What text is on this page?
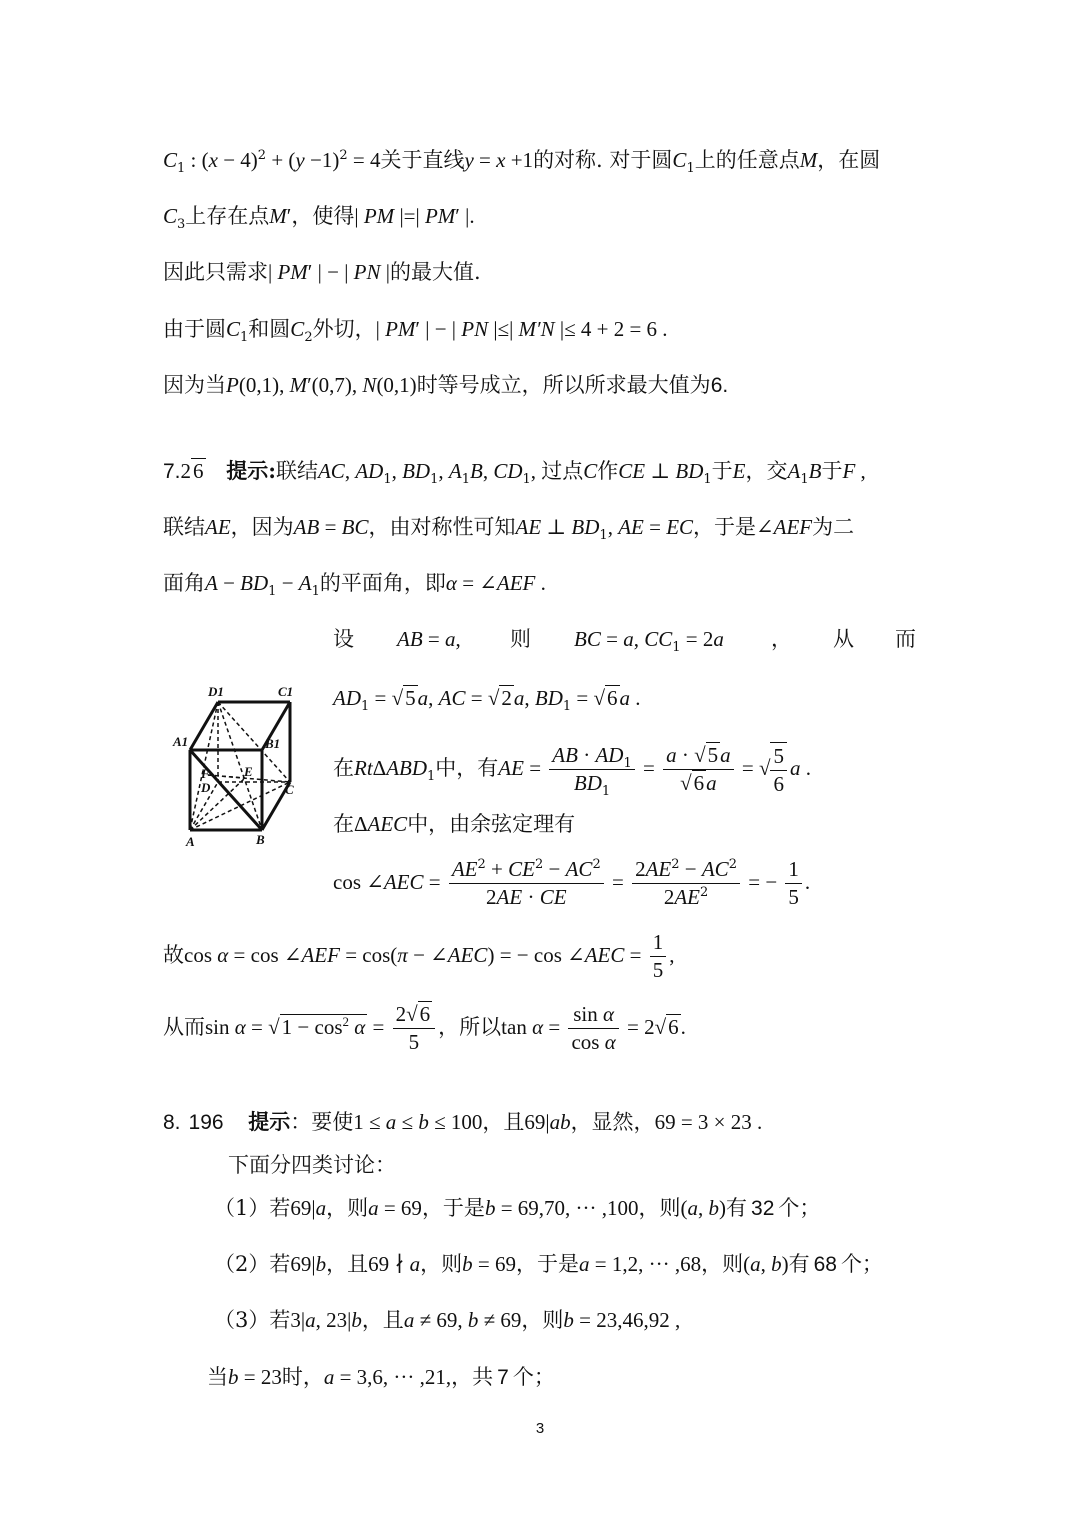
$C_1$ : $(x - 4)^2 + (y -1)^2 = 4$关于直线y = x +1的对称. 对于圆$C_1$上的任意点M，在圆
$C_3$上存在点M′，使得| PM |=| PM′ |.
因此只需求| PM′ | − | PN |的最大值.
由于圆$C_1$和圆$C_2$外切，| PM′ | − | PN |≤| M′N |≤ 4 + 2 = 6 .
因为当P(0,1), M′(0,7), N(0,1)时等号成立，所以所求最大值为6.
7.26 提示:联结AC, $AD_1$, $BD_1$, $A_1B$, $CD_1$, 过点C作CE ⊥ $BD_1$于E，交$A_1B$于F ,
联结AE，因为AB = BC，由对称性可知AE ⊥ $BD_1$, AE = EC，于是∠AEF为二
面角$A - BD_1 - A_1$的平面角，即α = ∠AEF .
设 AB = a, 则 BC = a, $CC_1 = 2a$ ， 从 而
$AD_1 = √5a$, AC = √2a, $BD_1 = √6a$ .
在RtΔABD$_1$中，有AE = $\frac{AB \cdot AD_1}{BD_1} = \frac{a \cdot √5a}{√6a}$ = √ $\frac{5}{6}$ a .
在ΔAEC中，由余弦定理有
cos ∠AEC = $\frac{AE^2 + CE^2 - AC^2}{2AE \cdot CE} = \frac{2AE^2 - AC^2}{2AE^2}$ = − $\frac{1}{5}$ .
D1	C1
A1	B1
F	E
D	C
A	B
故cos α = cos ∠AEF = cos(π − ∠AEC) = − cos ∠AEC = $\frac{1}{5}$ ,
从而$\sin \alpha = √1 - \cos^2 \alpha = \frac{2√6}{5}$ ，所以$\tan \alpha = \frac{\text{sin α}}{\text{cos α}} = 2√6$.
8. 196 提示：要使1 ≤ a ≤ b ≤ 100，且69|ab，显然，69 = 3 × 23 .
下面分四类讨论：
（1）若69|a，则a = 69，于是b = 69,70, ··· ,100，则(a, b)有 32 个；
（2）若69|b，且69 ∤ a，则b = 69，于是a = 1,2, ··· ,68，则(a, b)有 68 个；
（3）若3|a, 23|b，且a ≠ 69, b ≠ 69，则b = 23,46,92 ,
当b = 23时，a = 3,6, ··· ,21,，共 7 个；
3
